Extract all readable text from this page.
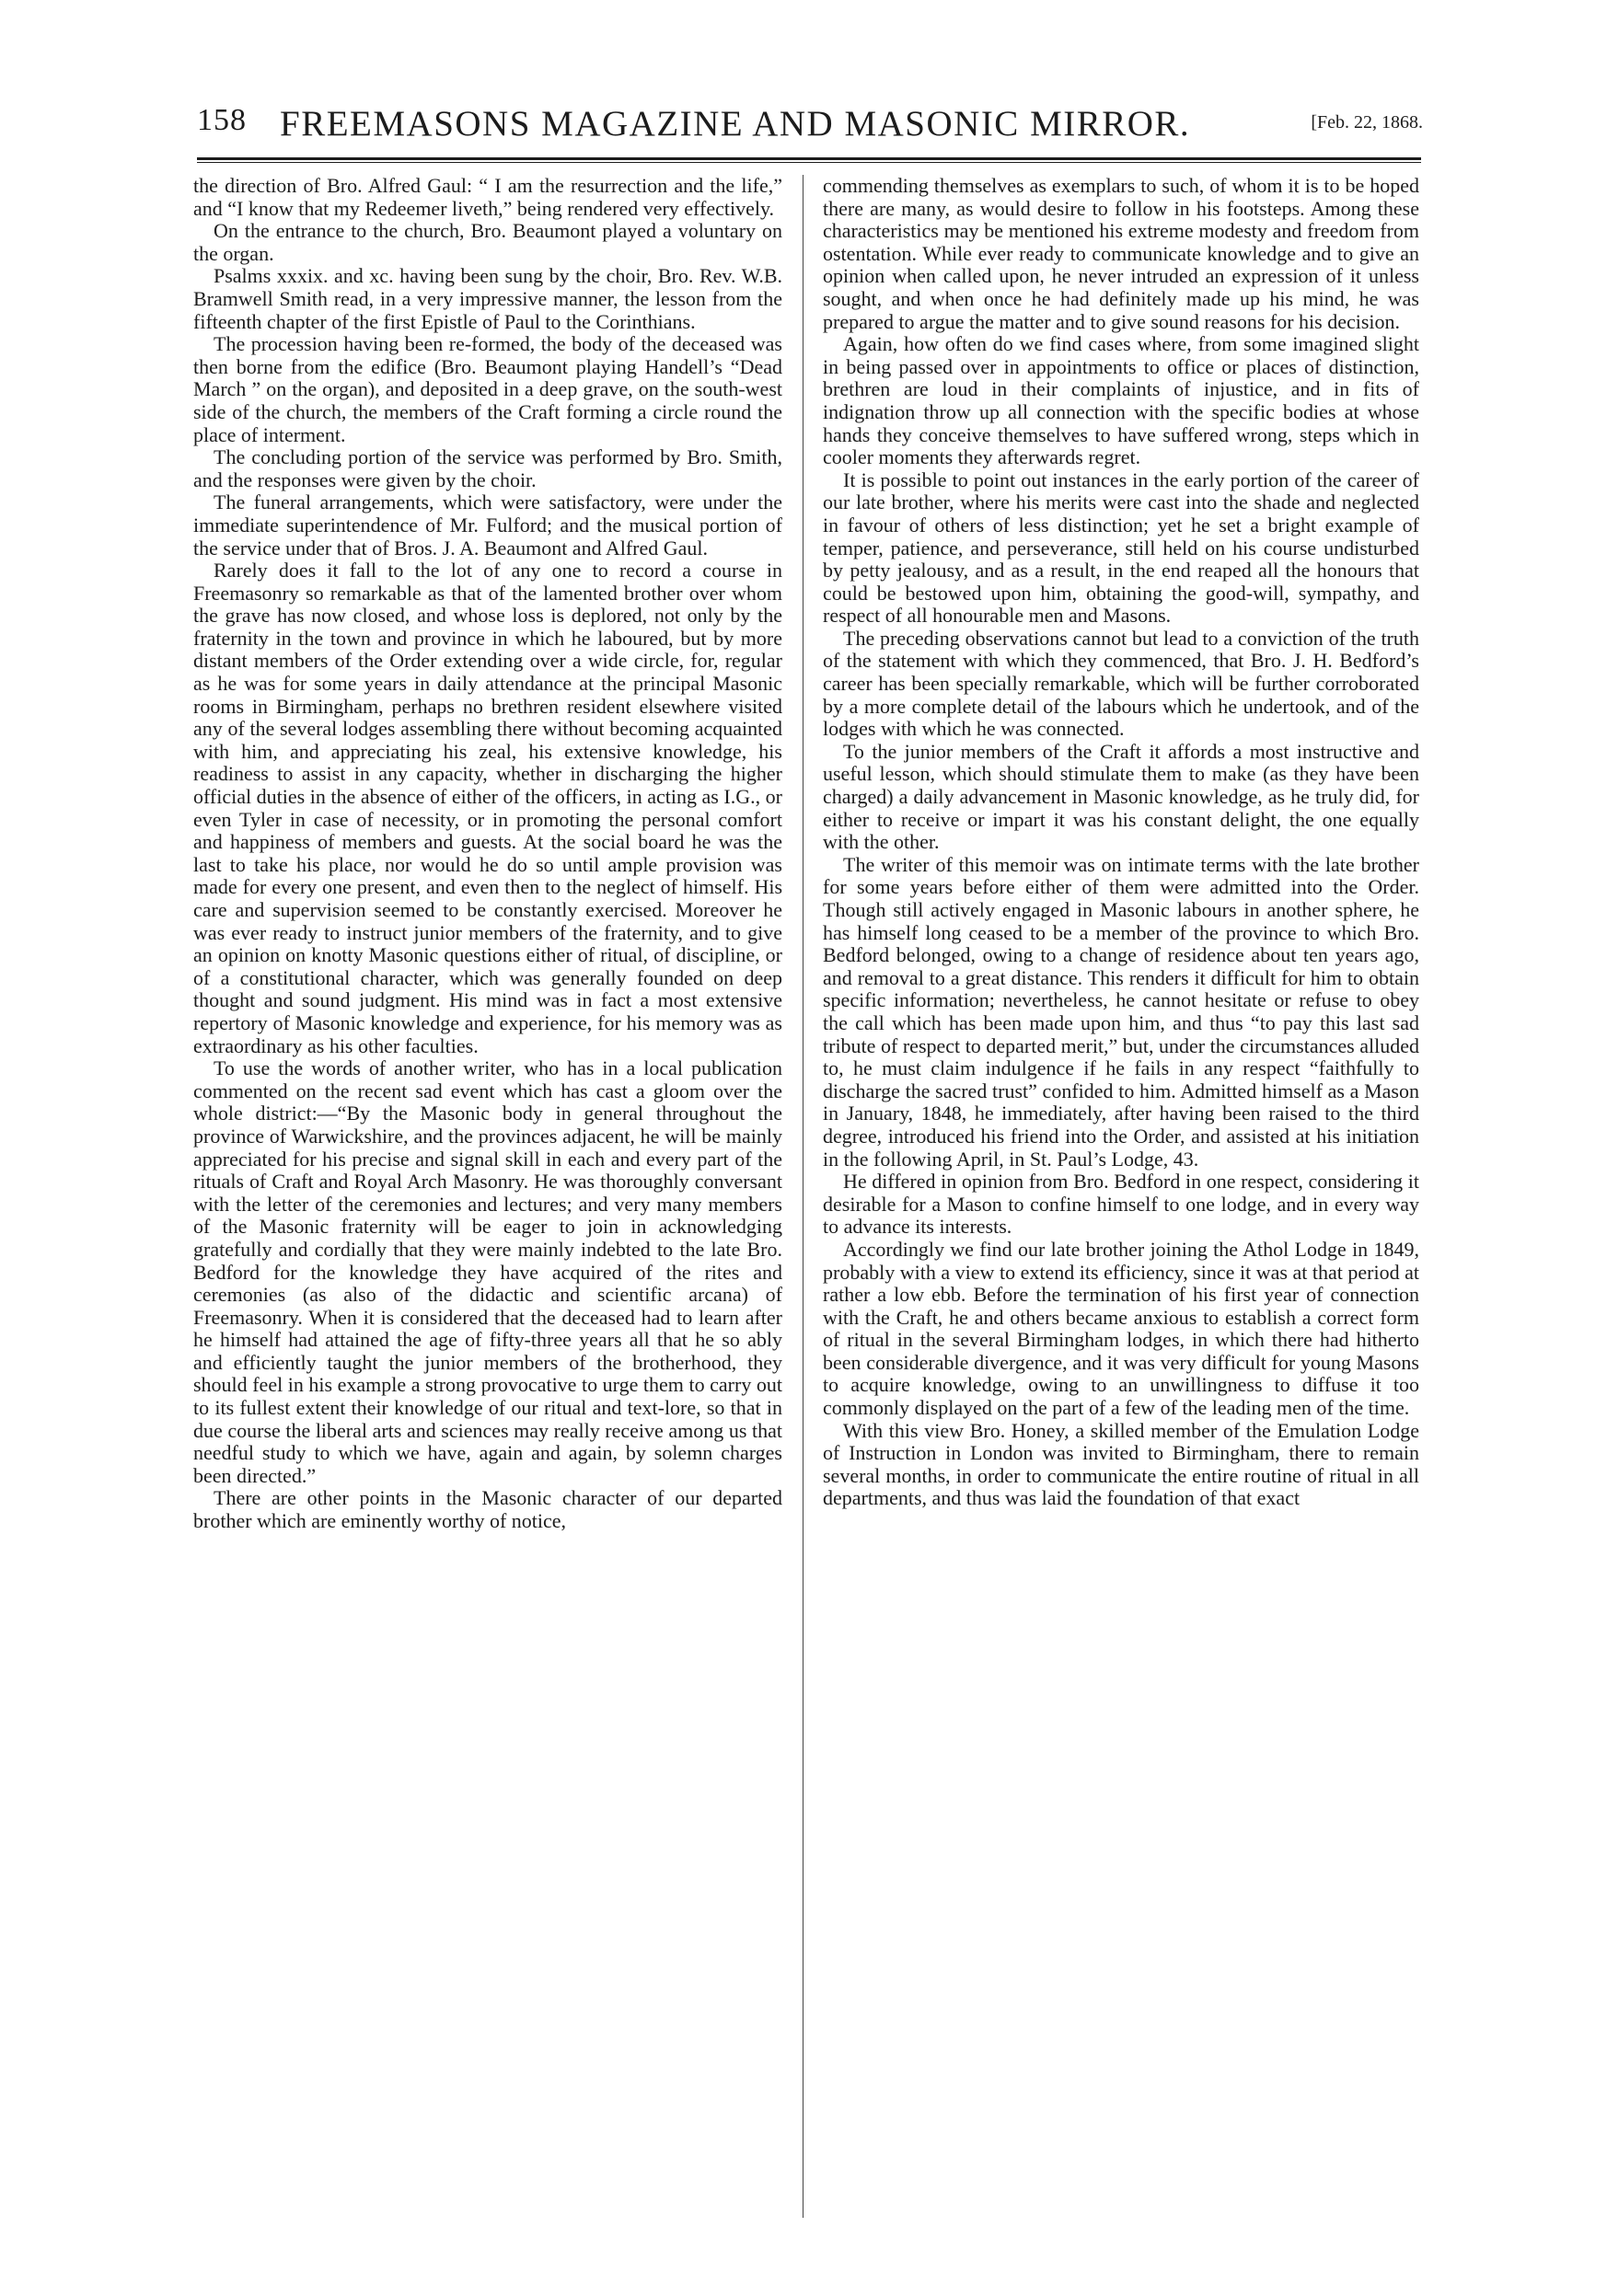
158 FREEMASONS MAGAZINE AND MASONIC MIRROR.	[Feb. 22, 1868.

the direction of Bro. Alfred Gaul: “ I am the resurrection and the life,” and “I know that my Redeemer liveth,” being rendered very effectively.

On the entrance to the church, Bro. Beaumont played a voluntary on the organ.

Psalms xxxix. and xc. having been sung by the choir, Bro. Rev. W.B. Bramwell Smith read, in a very impressive manner, the lesson from the fifteenth chapter of the first Epistle of Paul to the Corinthians.

The procession having been re-formed, the body of the deceased was then borne from the edifice (Bro. Beaumont playing Handell’s “Dead March ” on the organ), and deposited in a deep grave, on the south-west side of the church, the members of the Craft forming a circle round the place of interment.

The concluding portion of the service was performed by Bro. Smith, and the responses were given by the choir.

The funeral arrangements, which were satisfactory, were under the immediate superintendence of Mr. Fulford; and the musical portion of the service under that of Bros. J. A. Beaumont and Alfred Gaul.

Rarely does it fall to the lot of any one to record a course in Freemasonry so remarkable as that of the lamented brother over whom the grave has now closed, and whose loss is deplored, not only by the fraternity in the town and province in which he laboured, but by more distant members of the Order extending over a wide circle, for, regular as he was for some years in daily attendance at the principal Masonic rooms in Birmingham, perhaps no brethren resident elsewhere visited any of the several lodges assembling there without becoming acquainted with him, and appreciating his zeal, his extensive knowledge, his readiness to assist in any capacity, whether in discharging the higher official duties in the absence of either of the officers, in acting as I.G., or even Tyler in case of necessity, or in promoting the personal comfort and happiness of members and guests. At the social board he was the last to take his place, nor would he do so until ample provision was made for every one present, and even then to the neglect of himself. His care and supervision seemed to be constantly exercised. Moreover he was ever ready to instruct junior members of the fraternity, and to give an opinion on knotty Masonic questions either of ritual, of discipline, or of a constitutional character, which was generally founded on deep thought and sound judgment. His mind was in fact a most extensive repertory of Masonic knowledge and experience, for his memory was as extraordinary as his other faculties.

To use the words of another writer, who has in a local publication commented on the recent sad event which has cast a gloom over the whole district:—“By the Masonic body in general throughout the province of Warwickshire, and the provinces adjacent, he will be mainly appreciated for his precise and signal skill in each and every part of the rituals of Craft and Royal Arch Masonry. He was thoroughly conversant with the letter of the ceremonies and lectures; and very many members of the Masonic fraternity will be eager to join in acknowledging gratefully and cordially that they were mainly indebted to the late Bro. Bedford for the knowledge they have acquired of the rites and ceremonies (as also of the didactic and scientific arcana) of Freemasonry. When it is considered that the deceased had to learn after he himself had attained the age of fifty-three years all that he so ably and efficiently taught the junior members of the brotherhood, they should feel in his example a strong provocative to urge them to carry out to its fullest extent their knowledge of our ritual and text-lore, so that in due course the liberal arts and sciences may really receive among us that needful study to which we have, again and again, by solemn charges been directed.”

There are other points in the Masonic character of our departed brother which are eminently worthy of notice,

commending themselves as exemplars to such, of whom it is to be hoped there are many, as would desire to follow in his footsteps. Among these characteristics may be mentioned his extreme modesty and freedom from ostentation. While ever ready to communicate knowledge and to give an opinion when called upon, he never intruded an expression of it unless sought, and when once he had definitely made up his mind, he was prepared to argue the matter and to give sound reasons for his decision.

Again, how often do we find cases where, from some imagined slight in being passed over in appointments to office or places of distinction, brethren are loud in their complaints of injustice, and in fits of indignation throw up all connection with the specific bodies at whose hands they conceive themselves to have suffered wrong, steps which in cooler moments they afterwards regret.

It is possible to point out instances in the early portion of the career of our late brother, where his merits were cast into the shade and neglected in favour of others of less distinction; yet he set a bright example of temper, patience, and perseverance, still held on his course undisturbed by petty jealousy, and as a result, in the end reaped all the honours that could be bestowed upon him, obtaining the good-will, sympathy, and respect of all honourable men and Masons.

The preceding observations cannot but lead to a conviction of the truth of the statement with which they commenced, that Bro. J. H. Bedford’s career has been specially remarkable, which will be further corroborated by a more complete detail of the labours which he undertook, and of the lodges with which he was connected.

To the junior members of the Craft it affords a most instructive and useful lesson, which should stimulate them to make (as they have been charged) a daily advancement in Masonic knowledge, as he truly did, for either to receive or impart it was his constant delight, the one equally with the other.

The writer of this memoir was on intimate terms with the late brother for some years before either of them were admitted into the Order. Though still actively engaged in Masonic labours in another sphere, he has himself long ceased to be a member of the province to which Bro. Bedford belonged, owing to a change of residence about ten years ago, and removal to a great distance. This renders it difficult for him to obtain specific information; nevertheless, he cannot hesitate or refuse to obey the call which has been made upon him, and thus “to pay this last sad tribute of respect to departed merit,” but, under the circumstances alluded to, he must claim indulgence if he fails in any respect “faithfully to discharge the sacred trust” confided to him. Admitted himself as a Mason in January, 1848, he immediately, after having been raised to the third degree, introduced his friend into the Order, and assisted at his initiation in the following April, in St. Paul’s Lodge, 43.

He differed in opinion from Bro. Bedford in one respect, considering it desirable for a Mason to confine himself to one lodge, and in every way to advance its interests.

Accordingly we find our late brother joining the Athol Lodge in 1849, probably with a view to extend its efficiency, since it was at that period at rather a low ebb. Before the termination of his first year of connection with the Craft, he and others became anxious to establish a correct form of ritual in the several Birmingham lodges, in which there had hitherto been considerable divergence, and it was very difficult for young Masons to acquire knowledge, owing to an unwillingness to diffuse it too commonly displayed on the part of a few of the leading men of the time.

With this view Bro. Honey, a skilled member of the Emulation Lodge of Instruction in London was invited to Birmingham, there to remain several months, in order to communicate the entire routine of ritual in all departments, and thus was laid the foundation of that exact
